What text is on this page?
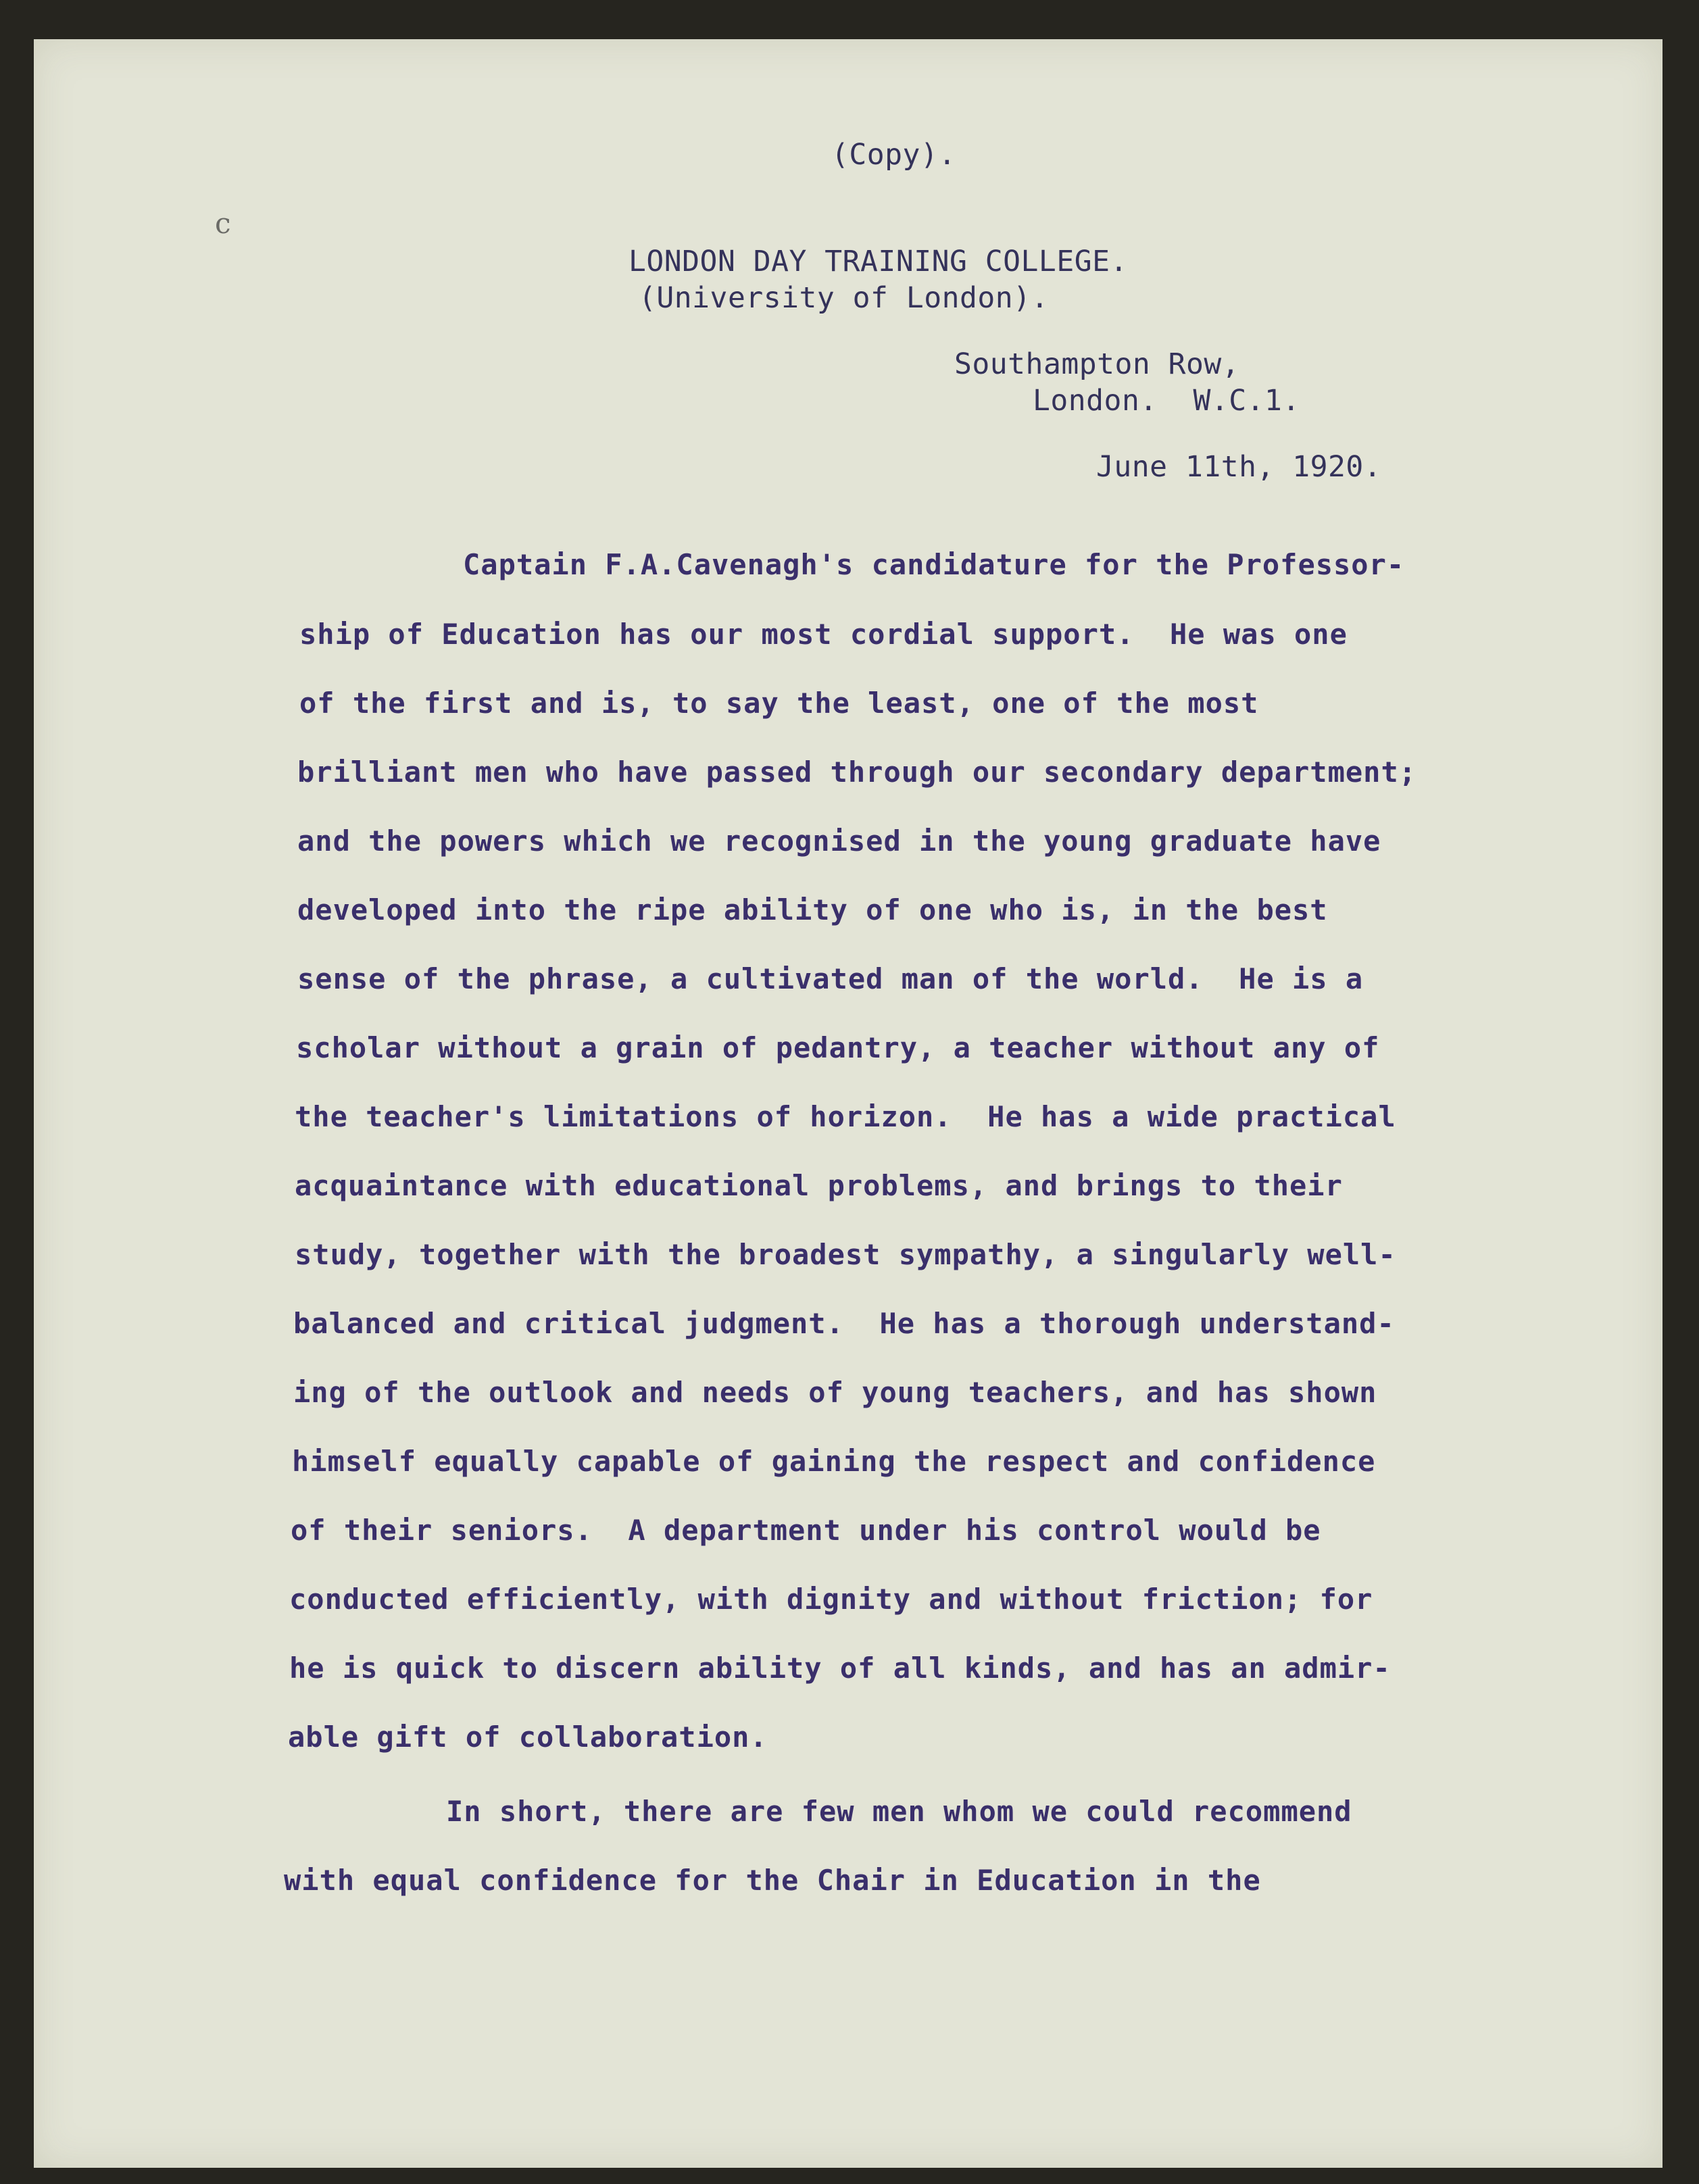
c
(Copy).
LONDON DAY TRAINING COLLEGE.
(University of London).
Southampton Row,
London.  W.C.1.
June 11th, 1920.
Captain F.A.Cavenagh's candidature for the Professor-
ship of Education has our most cordial support.  He was one
of the first and is, to say the least, one of the most
brilliant men who have passed through our secondary department;
and the powers which we recognised in the young graduate have
developed into the ripe ability of one who is, in the best
sense of the phrase, a cultivated man of the world.  He is a
scholar without a grain of pedantry, a teacher without any of
the teacher's limitations of horizon.  He has a wide practical
acquaintance with educational problems, and brings to their
study, together with the broadest sympathy, a singularly well-
balanced and critical judgment.  He has a thorough understand-
ing of the outlook and needs of young teachers, and has shown
himself equally capable of gaining the respect and confidence
of their seniors.  A department under his control would be
conducted efficiently, with dignity and without friction; for
he is quick to discern ability of all kinds, and has an admir-
able gift of collaboration.
In short, there are few men whom we could recommend
with equal confidence for the Chair in Education in the
